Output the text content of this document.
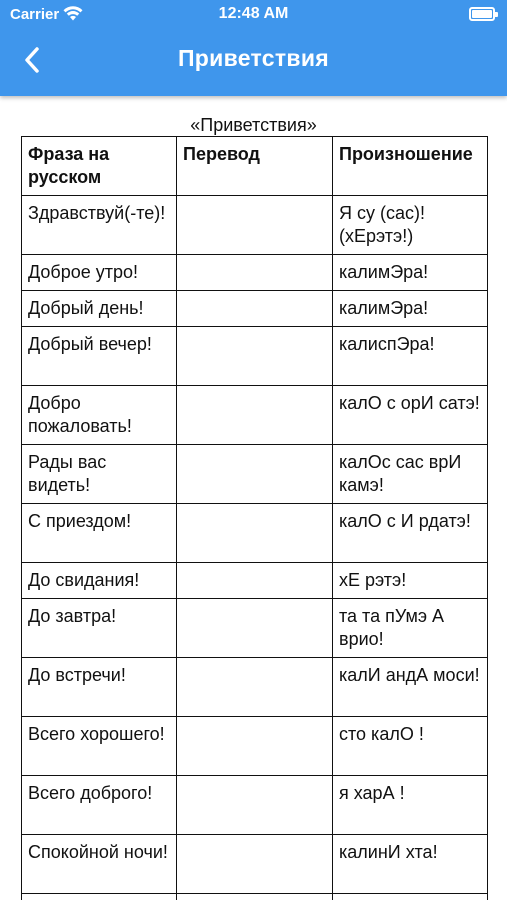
Carrier	12:48 AM
Приветствия
«Приветствия»
Фраза на русском	Перевод	Произношение
Здравствуй(-те)!		Я су (сас)! (хЕрэтэ!)
Доброе утро!		калимЭра!
Добрый день!		калимЭра!
Добрый вечер!		калиспЭра!
Добро пожаловать!		калО с орИ сатэ!
Рады вас видеть!		калОс сас врИ камэ!
С приездом!		калО с И рдатэ!
До свидания!		хЕ рэтэ!
До завтра!		та та пУмэ А врио!
До встречи!		калИ андА моси!
Всего хорошего!		сто калО !
Всего доброго!		я харА !
Спокойной ночи!		калинИ хта!
